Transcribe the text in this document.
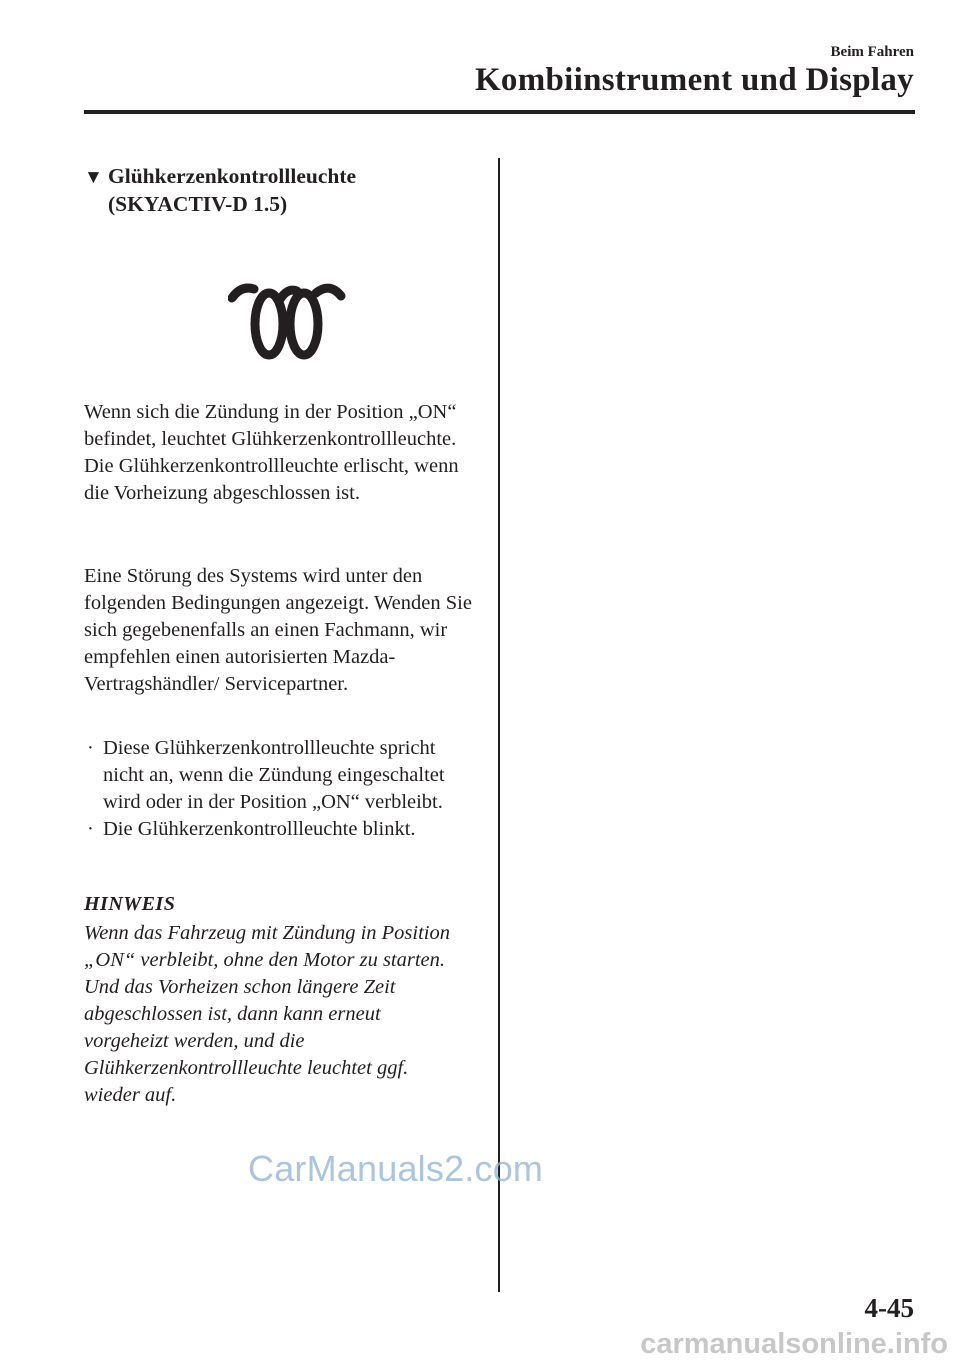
Beim Fahren
Kombiinstrument und Display
▼ Glühkerzenkontrollleuchte
(SKYACTIV-D 1.5)
Wenn sich die Zündung in der Position „ON“ befindet, leuchtet Glühkerzenkontrollleuchte. Die Glühkerzenkontrollleuchte erlischt, wenn die Vorheizung abgeschlossen ist.
Eine Störung des Systems wird unter den folgenden Bedingungen angezeigt. Wenden Sie sich gegebenenfalls an einen Fachmann, wir empfehlen einen autorisierten Mazda-Vertragshändler/ Servicepartner.
· Diese Glühkerzenkontrollleuchte spricht nicht an, wenn die Zündung eingeschaltet wird oder in der Position „ON“ verbleibt.
· Die Glühkerzenkontrollleuchte blinkt.
HINWEIS
Wenn das Fahrzeug mit Zündung in Position „ON“ verbleibt, ohne den Motor zu starten. Und das Vorheizen schon längere Zeit abgeschlossen ist, dann kann erneut vorgeheizt werden, und die Glühkerzenkontrollleuchte leuchtet ggf. wieder auf.
4-45
CarManuals2.com
carmanualsonline.info
